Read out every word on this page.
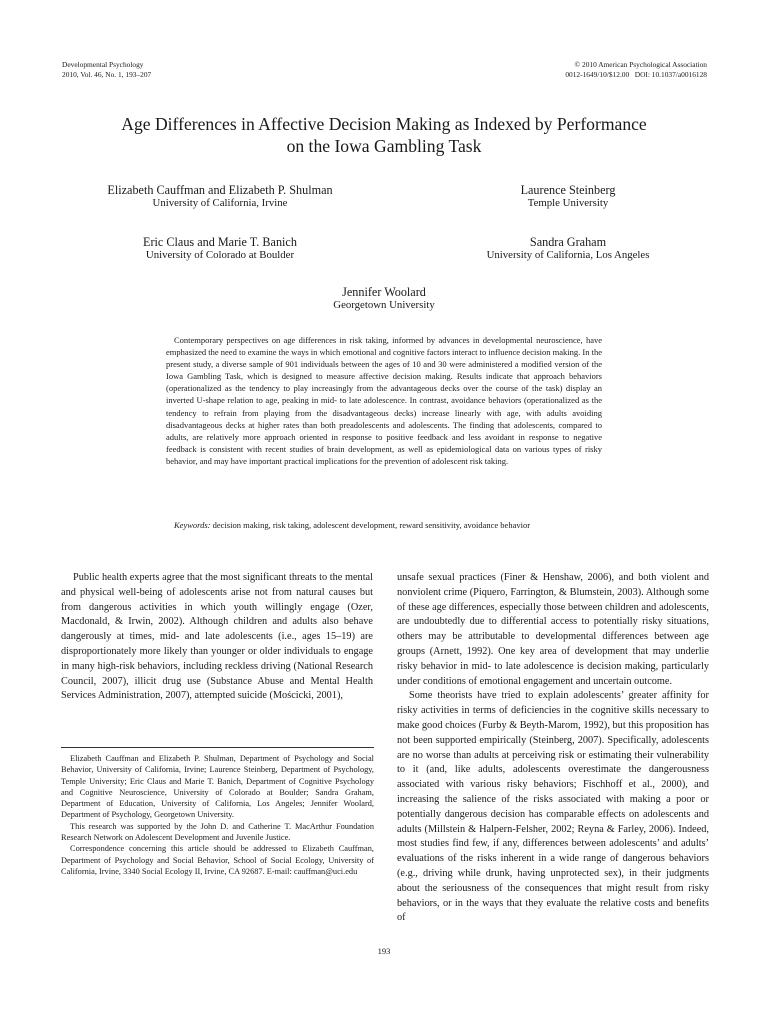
Developmental Psychology
2010, Vol. 46, No. 1, 193–207
© 2010 American Psychological Association
0012-1649/10/$12.00   DOI: 10.1037/a0016128
Age Differences in Affective Decision Making as Indexed by Performance
on the Iowa Gambling Task
Elizabeth Cauffman and Elizabeth P. Shulman
University of California, Irvine
Laurence Steinberg
Temple University
Eric Claus and Marie T. Banich
University of Colorado at Boulder
Sandra Graham
University of California, Los Angeles
Jennifer Woolard
Georgetown University
Contemporary perspectives on age differences in risk taking, informed by advances in developmental neuroscience, have emphasized the need to examine the ways in which emotional and cognitive factors interact to influence decision making. In the present study, a diverse sample of 901 individuals between the ages of 10 and 30 were administered a modified version of the Iowa Gambling Task, which is designed to measure affective decision making. Results indicate that approach behaviors (operationalized as the tendency to play increasingly from the advantageous decks over the course of the task) display an inverted U-shape relation to age, peaking in mid- to late adolescence. In contrast, avoidance behaviors (operationalized as the tendency to refrain from playing from the disadvantageous decks) increase linearly with age, with adults avoiding disadvantageous decks at higher rates than both preadolescents and adolescents. The finding that adolescents, compared to adults, are relatively more approach oriented in response to positive feedback and less avoidant in response to negative feedback is consistent with recent studies of brain development, as well as epidemiological data on various types of risky behavior, and may have important practical implications for the prevention of adolescent risk taking.
Keywords: decision making, risk taking, adolescent development, reward sensitivity, avoidance behavior

Public health experts agree that the most significant threats to the mental and physical well-being of adolescents arise not from natural causes but from dangerous activities in which youth willingly engage (Ozer, Macdonald, & Irwin, 2002). Although children and adults also behave dangerously at times, mid- and late adolescents (i.e., ages 15–19) are disproportionately more likely than younger or older individuals to engage in many high-risk behaviors, including reckless driving (National Research Council, 2007), illicit drug use (Substance Abuse and Mental Health Services Administration, 2007), attempted suicide (Mościcki, 2001),

Elizabeth Cauffman and Elizabeth P. Shulman, Department of Psychology and Social Behavior, University of California, Irvine; Laurence Steinberg, Department of Psychology, Temple University; Eric Claus and Marie T. Banich, Department of Cognitive Psychology and Cognitive Neuroscience, University of Colorado at Boulder; Sandra Graham, Department of Education, University of California, Los Angeles; Jennifer Woolard, Department of Psychology, Georgetown University.

This research was supported by the John D. and Catherine T. MacArthur Foundation Research Network on Adolescent Development and Juvenile Justice.

Correspondence concerning this article should be addressed to Elizabeth Cauffman, Department of Psychology and Social Behavior, School of Social Ecology, University of California, Irvine, 3340 Social Ecology II, Irvine, CA 92687. E-mail: cauffman@uci.edu

unsafe sexual practices (Finer & Henshaw, 2006), and both violent and nonviolent crime (Piquero, Farrington, & Blumstein, 2003). Although some of these age differences, especially those between children and adolescents, are undoubtedly due to differential access to potentially risky situations, others may be attributable to developmental differences between age groups (Arnett, 1992). One key area of development that may underlie risky behavior in mid- to late adolescence is decision making, particularly under conditions of emotional engagement and uncertain outcome.

Some theorists have tried to explain adolescents’ greater affinity for risky activities in terms of deficiencies in the cognitive skills necessary to make good choices (Furby & Beyth-Marom, 1992), but this proposition has not been supported empirically (Steinberg, 2007). Specifically, adolescents are no worse than adults at perceiving risk or estimating their vulnerability to it (and, like adults, adolescents overestimate the dangerousness associated with various risky behaviors; Fischhoff et al., 2000), and increasing the salience of the risks associated with making a poor or potentially dangerous decision has comparable effects on adolescents and adults (Millstein & Halpern-Felsher, 2002; Reyna & Farley, 2006). Indeed, most studies find few, if any, differences between adolescents’ and adults’ evaluations of the risks inherent in a wide range of dangerous behaviors (e.g., driving while drunk, having unprotected sex), in their judgments about the seriousness of the consequences that might result from risky behaviors, or in the ways that they evaluate the relative costs and benefits of

193
